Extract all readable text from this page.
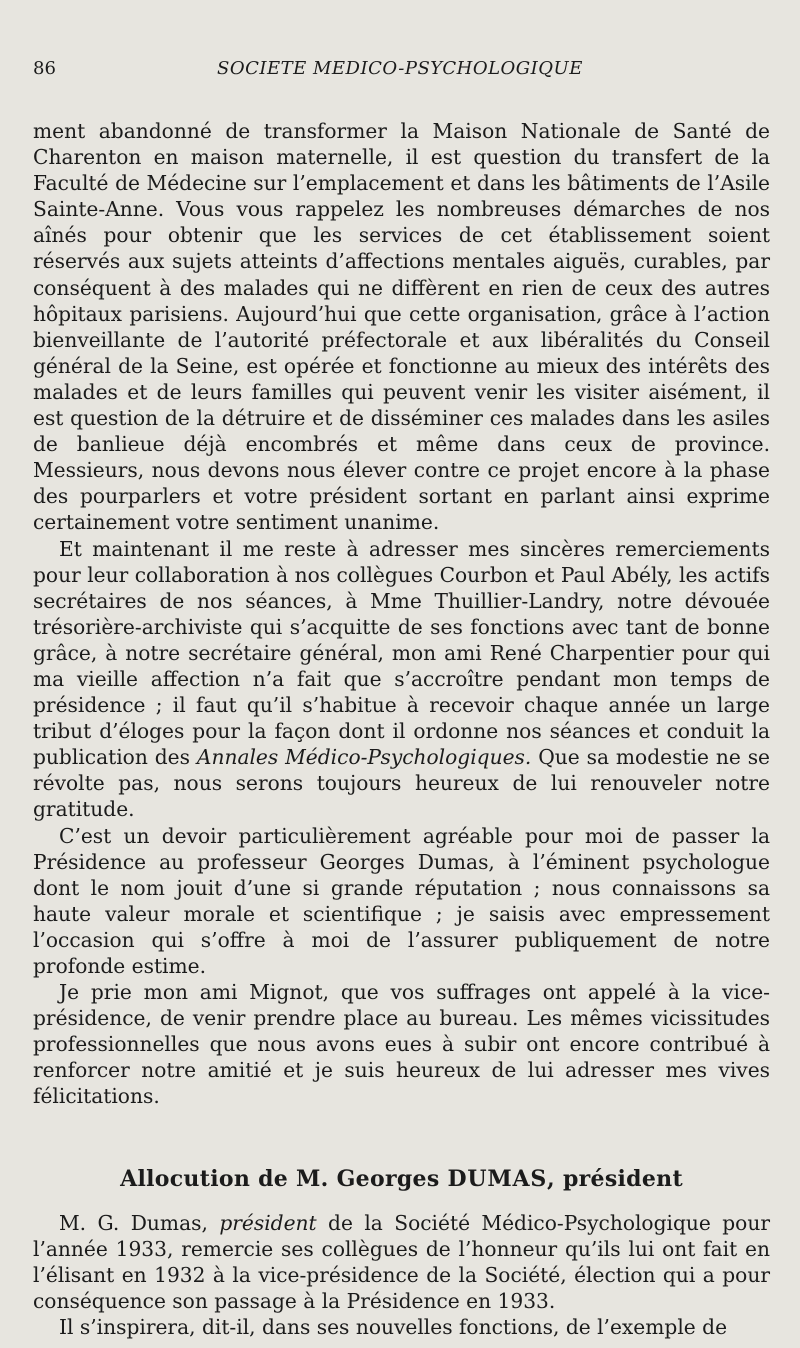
86	SOCIETE MEDICO-PSYCHOLOGIQUE

ment abandonné de transformer la Maison Nationale de Santé de Charenton en maison maternelle, il est question du transfert de la Faculté de Médecine sur l’emplacement et dans les bâtiments de l’Asile Sainte-Anne. Vous vous rappelez les nombreuses démarches de nos aînés pour obtenir que les services de cet établissement soient réservés aux sujets atteints d’affections mentales aiguës, curables, par conséquent à des malades qui ne diffèrent en rien de ceux des autres hôpitaux parisiens. Aujourd’hui que cette organisation, grâce à l’action bienveillante de l’autorité préfectorale et aux libéralités du Conseil général de la Seine, est opérée et fonctionne au mieux des intérêts des malades et de leurs familles qui peuvent venir les visiter aisément, il est question de la détruire et de disséminer ces malades dans les asiles de banlieue déjà encombrés et même dans ceux de province. Messieurs, nous devons nous élever contre ce projet encore à la phase des pourparlers et votre président sortant en parlant ainsi exprime certainement votre sentiment unanime.

Et maintenant il me reste à adresser mes sincères remerciements pour leur collaboration à nos collègues Courbon et Paul Abély, les actifs secrétaires de nos séances, à Mme Thuillier-Landry, notre dévouée trésorière-archiviste qui s’acquitte de ses fonctions avec tant de bonne grâce, à notre secrétaire général, mon ami René Charpentier pour qui ma vieille affection n’a fait que s’accroître pendant mon temps de présidence ; il faut qu’il s’habitue à recevoir chaque année un large tribut d’éloges pour la façon dont il ordonne nos séances et conduit la publication des Annales Médico-Psychologiques. Que sa modestie ne se révolte pas, nous serons toujours heureux de lui renouveler notre gratitude.

C’est un devoir particulièrement agréable pour moi de passer la Présidence au professeur Georges Dumas, à l’éminent psychologue dont le nom jouit d’une si grande réputation ; nous connaissons sa haute valeur morale et scientifique ; je saisis avec empressement l’occasion qui s’offre à moi de l’assurer publiquement de notre profonde estime.

Je prie mon ami Mignot, que vos suffrages ont appelé à la vice-présidence, de venir prendre place au bureau. Les mêmes vicissitudes professionnelles que nous avons eues à subir ont encore contribué à renforcer notre amitié et je suis heureux de lui adresser mes vives félicitations.

Allocution de M. Georges DUMAS, président

M. G. Dumas, président de la Société Médico-Psychologique pour l’année 1933, remercie ses collègues de l’honneur qu’ils lui ont fait en l’élisant en 1932 à la vice-présidence de la Société, élection qui a pour conséquence son passage à la Présidence en 1933.

Il s’inspirera, dit-il, dans ses nouvelles fonctions, de l’exemple de
